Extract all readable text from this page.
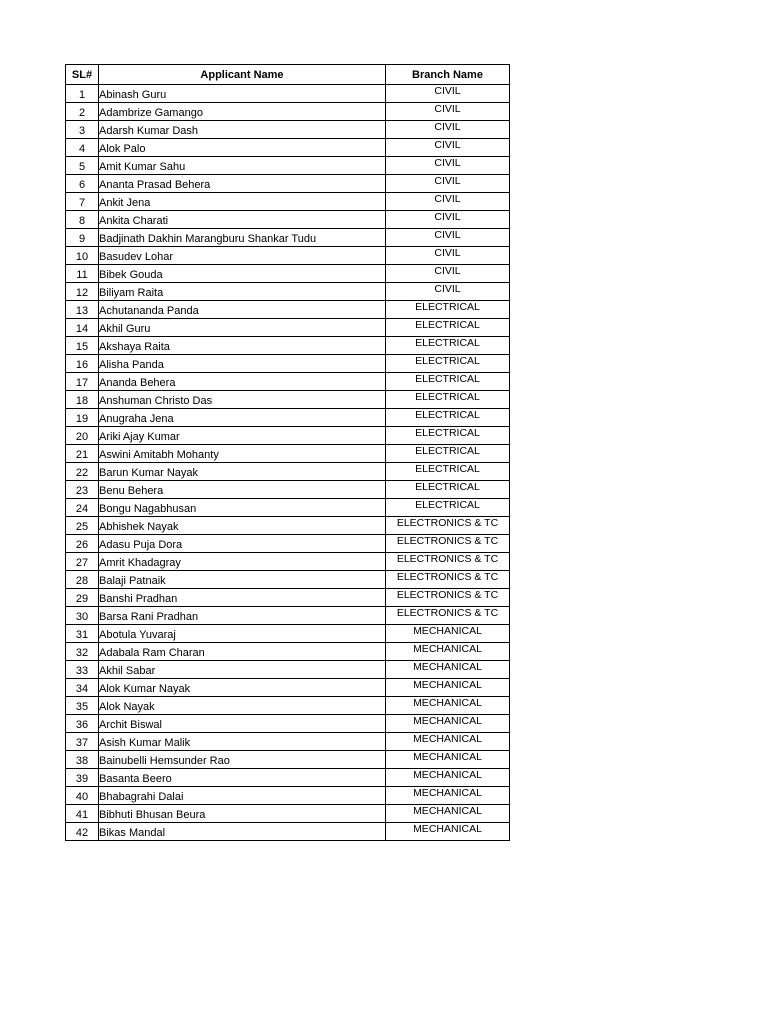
SL#	Applicant Name	Branch Name
1	Abinash Guru	CIVIL
2	Adambrize Gamango	CIVIL
3	Adarsh Kumar Dash	CIVIL
4	Alok Palo	CIVIL
5	Amit Kumar Sahu	CIVIL
6	Ananta Prasad Behera	CIVIL
7	Ankit Jena	CIVIL
8	Ankita Charati	CIVIL
9	Badjinath Dakhin Marangburu Shankar Tudu	CIVIL
10	Basudev Lohar	CIVIL
11	Bibek Gouda	CIVIL
12	Biliyam Raita	CIVIL
13	Achutananda Panda	ELECTRICAL
14	Akhil Guru	ELECTRICAL
15	Akshaya Raita	ELECTRICAL
16	Alisha Panda	ELECTRICAL
17	Ananda Behera	ELECTRICAL
18	Anshuman Christo Das	ELECTRICAL
19	Anugraha Jena	ELECTRICAL
20	Ariki Ajay Kumar	ELECTRICAL
21	Aswini Amitabh Mohanty	ELECTRICAL
22	Barun Kumar Nayak	ELECTRICAL
23	Benu Behera	ELECTRICAL
24	Bongu Nagabhusan	ELECTRICAL
25	Abhishek Nayak	ELECTRONICS & TC
26	Adasu Puja Dora	ELECTRONICS & TC
27	Amrit Khadagray	ELECTRONICS & TC
28	Balaji Patnaik	ELECTRONICS & TC
29	Banshi Pradhan	ELECTRONICS & TC
30	Barsa Rani Pradhan	ELECTRONICS & TC
31	Abotula Yuvaraj	MECHANICAL
32	Adabala Ram Charan	MECHANICAL
33	Akhil Sabar	MECHANICAL
34	Alok Kumar Nayak	MECHANICAL
35	Alok Nayak	MECHANICAL
36	Archit Biswal	MECHANICAL
37	Asish Kumar Malik	MECHANICAL
38	Bainubelli Hemsunder Rao	MECHANICAL
39	Basanta Beero	MECHANICAL
40	Bhabagrahi Dalai	MECHANICAL
41	Bibhuti Bhusan Beura	MECHANICAL
42	Bikas Mandal	MECHANICAL
